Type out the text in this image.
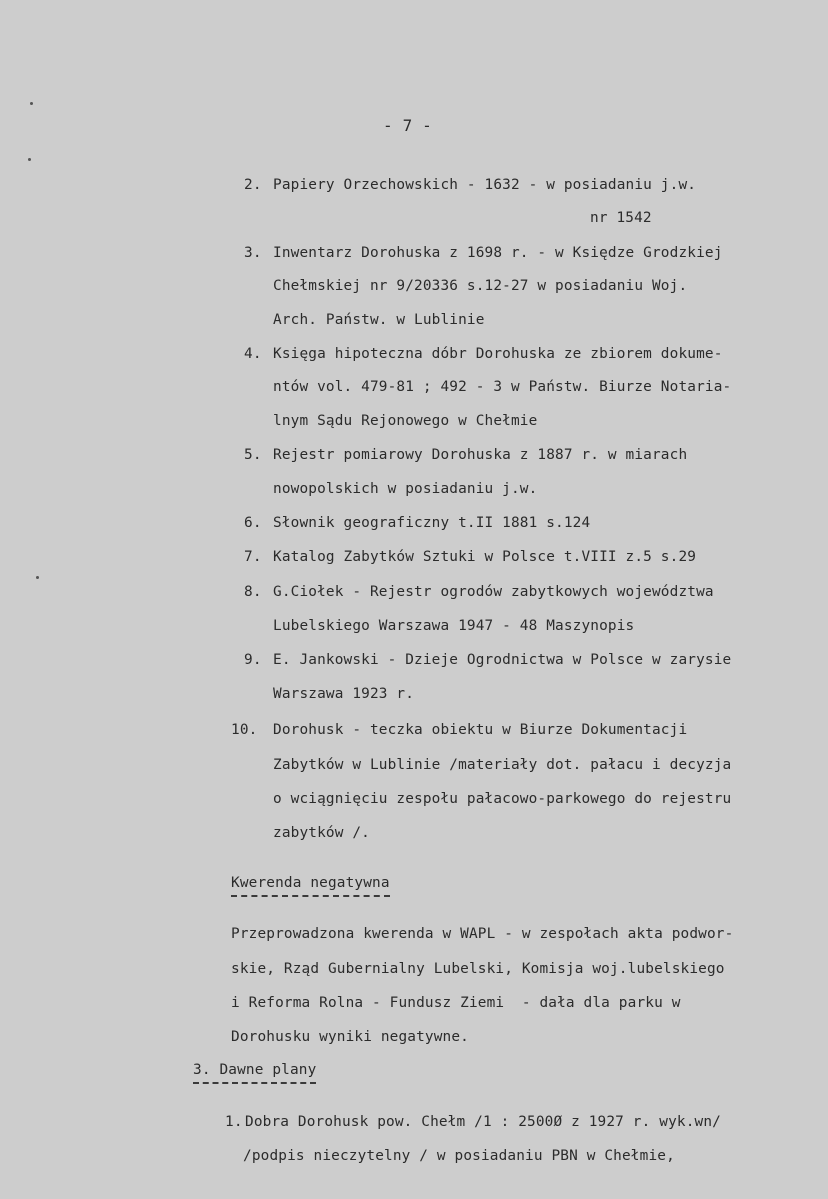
- 7 -
2. Papiery Orzechowskich - 1632 - w posiadaniu j.w.
nr 1542
3. Inwentarz Dorohuska z 1698 r. - w Księdze Grodzkiej
Chełmskiej nr 9/20336 s.12-27 w posiadaniu Woj.
Arch. Państw. w Lublinie
4. Księga hipoteczna dóbr Dorohuska ze zbiorem dokume-
ntów vol. 479-81 ; 492 - 3 w Państw. Biurze Notaria-
lnym Sądu Rejonowego w Chełmie
5. Rejestr pomiarowy Dorohuska z 1887 r. w miarach
nowopolskich w posiadaniu j.w.
6. Słownik geograficzny t.II 1881 s.124
7. Katalog Zabytków Sztuki w Polsce t.VIII z.5 s.29
8. G.Ciołek - Rejestr ogrodów zabytkowych województwa
Lubelskiego Warszawa 1947 - 48 Maszynopis
9. E. Jankowski - Dzieje Ogrodnictwa w Polsce w zarysie
Warszawa 1923 r.
10. Dorohusk - teczka obiektu w Biurze Dokumentacji
Zabytków w Lublinie /materiały dot. pałacu i decyzja
o wciągnięciu zespołu pałacowo-parkowego do rejestru
zabytków /.
Kwerenda negatywna
Przeprowadzona kwerenda w WAPL - w zespołach akta podwor-
skie, Rząd Gubernialny Lubelski, Komisja woj.lubelskiego
i Reforma Rolna - Fundusz Ziemi  - dała dla parku w
Dorohusku wyniki negatywne.
3. Dawne plany
1. Dobra Dorohusk pow. Chełm /1 : 2500Ø z 1927 r. wyk.wn/
/podpis nieczytelny / w posiadaniu PBN w Chełmie,
